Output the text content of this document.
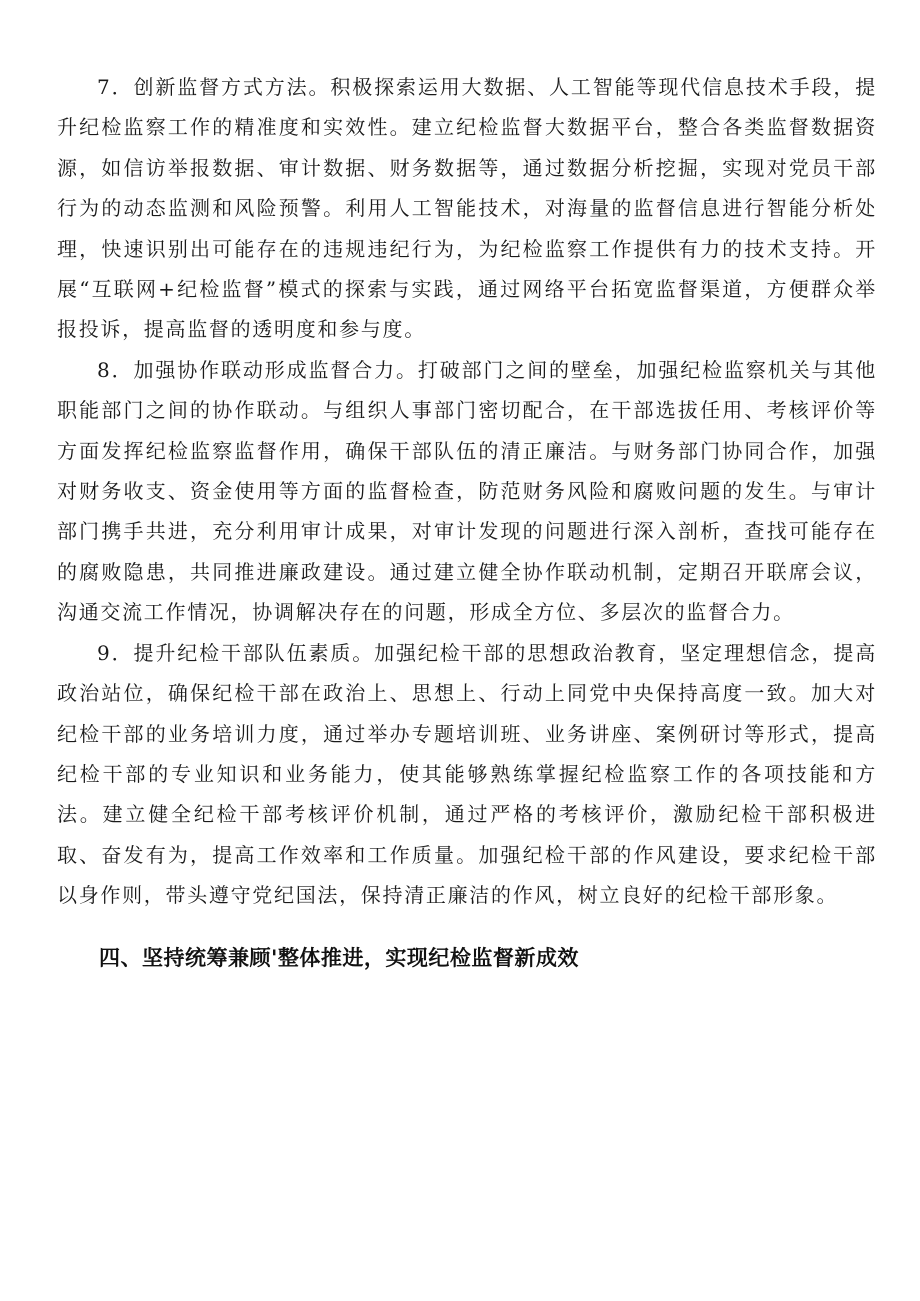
7．创新监督方式方法。积极探索运用大数据、人工智能等现代信息技术手段，提升纪检监察工作的精准度和实效性。建立纪检监督大数据平台，整合各类监督数据资源，如信访举报数据、审计数据、财务数据等，通过数据分析挖掘，实现对党员干部行为的动态监测和风险预警。利用人工智能技术，对海量的监督信息进行智能分析处理，快速识别出可能存在的违规违纪行为，为纪检监察工作提供有力的技术支持。开展“互联网+纪检监督”模式的探索与实践，通过网络平台拓宽监督渠道，方便群众举报投诉，提高监督的透明度和参与度。

8．加强协作联动形成监督合力。打破部门之间的壁垒，加强纪检监察机关与其他职能部门之间的协作联动。与组织人事部门密切配合，在干部选拔任用、考核评价等方面发挥纪检监察监督作用，确保干部队伍的清正廉洁。与财务部门协同合作，加强对财务收支、资金使用等方面的监督检查，防范财务风险和腐败问题的发生。与审计部门携手共进，充分利用审计成果，对审计发现的问题进行深入剖析，查找可能存在的腐败隐患，共同推进廉政建设。通过建立健全协作联动机制，定期召开联席会议，沟通交流工作情况，协调解决存在的问题，形成全方位、多层次的监督合力。

9．提升纪检干部队伍素质。加强纪检干部的思想政治教育，坚定理想信念，提高政治站位，确保纪检干部在政治上、思想上、行动上同党中央保持高度一致。加大对纪检干部的业务培训力度，通过举办专题培训班、业务讲座、案例研讨等形式，提高纪检干部的专业知识和业务能力，使其能够熟练掌握纪检监察工作的各项技能和方法。建立健全纪检干部考核评价机制，通过严格的考核评价，激励纪检干部积极进取、奋发有为，提高工作效率和工作质量。加强纪检干部的作风建设，要求纪检干部以身作则，带头遵守党纪国法，保持清正廉洁的作风，树立良好的纪检干部形象。

四、坚持统筹兼顾'整体推进，实现纪检监督新成效
